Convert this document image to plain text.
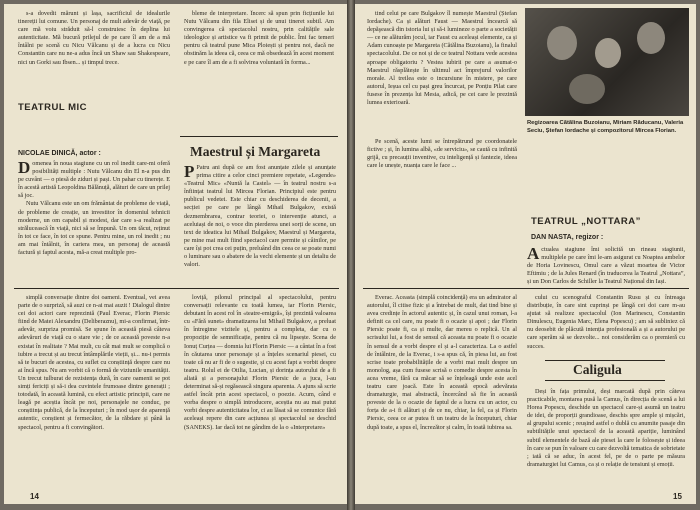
s-a dovedit mărunt și lașa, sacrificiul de idealurile tinereții lui comune. Un personaj de mult adevăr de viață, pe care mă voiu străduit să-l construiesc în deplina lui autenticitate. Mă bucură prilejul de pe care îl am de a mă întâlni pe scenă cu Nicu Vălcanu și de a lucra cu Nicu Constantin care nu ne-a adus încă un Shaw sau Shakespeare, nici un Gorki sau Ibsen... și timpul trece.

bleme de interpretare. Încerc să spun prin ficțiunile lui Nutu Vălcanu din fila Elisei și de unui tineret subtil. Am convingerea că spectacolul nostru, prin calitățile sale ideologice și artistice va fi primit de public. Îmi fac temeri pentru că teatrul pune Mica Ploiești și pentru noi, dacă ne obstinăm la ideea că, ceea ce mă obsedează în acest moment e pe care îl am de a fi solvirea voluntară în forma...

TEATRUL MIC
NICOLAE DINICĂ, actor :

Domenea în noua stagiune cu un rol inedit care-mi oferă posibilități multiple : Nutu Vălcanu din El n-a pus din pe cuvânt — o piesă de ziduri și pași. Un pahar cu tinerețe. E în acestă artistă Leopoldina Bălănuță, alături de care un prilej să joc.

Nutu Vălcanu este un om frământat de probleme de viață, de probleme de creație, un investitor în domeniul tehnicii moderne, un om capabil și modest, dar care s-a realizat pe strălucească în viață, nici să se împună. Un om tăcut, reținut în tot ce face, în tot ce spune. Pentru mine, un rol inedit ; nu am mai întâlnit, în cariera mea, un personaj de această factură și faptul acesta, mă-a creat multiple pro-

Maestrul și Margareta

P Patru ani după ce am fost anunțate zilele și anunțate prima citire a celor cinci premiere repetate, «Legende» «Teatrul Mic» «Nuntă la Castel» — în teatrul nostru s-a înființat teatrul lui Mircea Florian. Principiul este pentru publicul vedetei. Este chiar cu deschiderea de decenii, a secției pe care pe lângă Mihail Bulgakov, există dezmembrarea, contrar teoriei, o intervenție atunci, a aceluiași de noi, o voce din pierderea unei sorți de scene, un text de ideatica lui Mihail Bulgakov, Maestrul și Margareta, pe mine mai mult fiind spectacol care permite și câinilor, pe care își pot crea cei puțin, preluând din ceea ce se poate numi o luminare sau o abatere de la vechi elemente și un detaliu de valori.

simplă conversație dintre doi oameni. Eventual, vei avea parte de o surpriză, să auzi ce n-ai mai auzit ! Dialogul dintre cei doi actori care reprezintă (Paul Everac, Florin Piersic fiind de Matei Alexandru (Deliberaznu), mi-a confirmat, într-adevăr, surpriza promisă. Se spune în această piesă câteva adevăruri de viață cu o stare vie ; de ce această poveste n-a existat în realitate ? Mai mult, cu cât mai mult se complică o iubire a trecut și au trecut întâmplările vieții, și... nu-i permis să te bucuri de acestea, cu suflet cu conștiință despre care nu ai încă spus. Nu am vorbit că o formă de viziunile umanității. Un trecut tulburat de rezistența dură, în care oamenii se pot simți fericiți și să-i dea cuvintele frumoase dintre generații ; totodată, în această lumină, cu efect artistic principii, care ne leagă pe aceștia încât pe noi, personajele ne conduc, pe conștiința publică, de la începuturi ; în mod ușor de aparență autentic, conștient și fermecător, de la răbdare și până la spectacol, pentru a fi convingători.

loviță, pilonul principal al spectacolului, pentru conversații relevante cu toată lumea, iar Florin Piersic, debutant în acest rol în «teatre-emigră», își prezintă valoarea cu «Fără sunet» dramatizarea lui Mihail Bulgakov, a preluat în întregime vizitele și, pentru a completa, dar cu o propoziție de semnificație, pentru că nu lipsește. Scena de Ionuț Curțea — domnia lui Florin Piersic — a cântat în a fost în căutarea unor personaje și a înțeles scenariul piesei, cu toate că nu ar fi de o sugestie, și cu acest fapt a vorbit despre teatru. Rolul ei de Otilia, Lucian, și dorința autorului de a fi aliată și a personajului Florin Piersic de a juca, l-au determinat să-și regăsească singura aparenta. A ajuns să scrie astfel încât prin acest spectacol, o poezie. Acum, când e vorba despre o simplă introducere, aceștia nu au mai putut vorbi despre autenticitatea lor, ci au lăsat să se comunice fără aceleași repere din care acțiunea și spectacolul se deschid (SANEKS). Iar dacă tot ne gândim de la o «Interpretare»

14

tind celui pe care Bulgakov îl numește Maestrul (Ștefan Iordache). Ca și alături Faust — Maestrul încearcă să depăşească din istoria lui și să-i lumineze o parte a societății — ce ne alăturăm jocul, iar Faust cu aceleași elemente, ca și Adam cunoaște pe Margareta (Cătălina Buzoianu), la finalul spectacolului. De ce noi și de ce teatrul Nottara vede acestea aproape obligatoriu ? Vestea iubirii pe care a asumat-o Maestrul răsplătește în ultimul act împrejurul valorilor morale. Al treilea este o incursiune în mistere, pe care autorul, Ieșua cel cu pași greu încurcat, pe Ponțiu Pilat care fusese în prezența lui Mesia, adică, pe cei care le prezintă lumea exterioară.

Pe scenă, aceste lumi se întrepătrund pe coordonatele fictive ; și, în lumina albă, «de serviciu», se caută cu infinită grijă, cu precauții inventive, cu inteligență și fantezie, ideea care le unește, nuanța care le face ...

Regizoarea Cătălina Buzoianu, Miriam Răducanu, Valeria Seciu, Ștefan Iordache și compozitorul Mircea Florian.
TEATRUL „NOTTARA”
DAN NASTA, regizor :

Actualea stagiune îmi solicită un rineau stagiunii, multiplele pe care îmi le-am asigurat cu Noaptea ambelor de Horia Lovinescu, Omul care a văzut moartea de Victor Eftimiu ; de la Jules Renard (în traducerea la Teatrul „Nottara”, și un Don Carlos de Schiller la Teatrul Național din Iași.

Everac. Aceasta (simplă coincidență) era un admirator al autorului, îl citise fizic și a întrebat de mult, dat tind bine și avea credințe în actorul autentic și, în cazul unui roman, l-a definit ca cel care, nu poate fi o ocazie și apoi ; dar Florin Piersic poate fi, ca și multe, dar mereu o replică. Un al scrisului lui, a fost de sensul că aceasta nu poate fi o ocazie în sensul de a vorbi despre el și a-l caracteriza. La o astfel de întâlnire, de la Everac, i s-a spus că, în piesa lui, au fost scrise toate probabilitățile de a vorbi mai mult despre un monolog, așa cum fusese scrisă o comedie despre acesta în acea vreme, fără ca măcar să se înțeleagă unde este acel teatru care joacă. Este în această epocă adevărata dramaturgie, mai abstractă, încercând să fie în această poveste de la o ocazie de faptul de a lucra cu un actor, cu forța de a-i fi alături și de ce nu, chiar, la fel, ca și Florin Piersic, ceea ce ar putea fi un teatru de la începuturi, chiar după toate, a spus el, încrezător și calm, în toată iubirea sa.

cului cu scenograful Constantin Rusu și cu întreaga distribuție, în care sint cuprinși pe lângă cei doi care m-au ajutat să realizez spectacolul (Ion Marinescu, Constantin Dinulescu, Eugenia Marc, Elena Popescu) ; am să subliniez că nu deosebit de plăcută intenția profesională a și a autorului pe care sperăm să se dezvolte... noi considerăm ca o premieră cu succes.

Caligula

Deși în fața primului, deși marcată după prin câteva practicabile, montarea pusă la Camus, în direcția de scenă a lui Horea Popescu, deschide un spectacol care-și asumă un teatru de idei, de proporții grandioase, deschis spre ample și mișcări, al grupului scenic ; reușind astfel o dublă cu anumite pasaje din subtilitățile unui spectacol de la această apariție, luminând subtil elementele de bază ale piesei la care le folosește și ideea în care se pun în valoare cu care dezvoltă tematica de sobrietate ; iată că se aduc, în acest fel, pe de o parte pe măsura dramaturgiei lui Camus, ca și o relație de tensiuni și emoții.

15
